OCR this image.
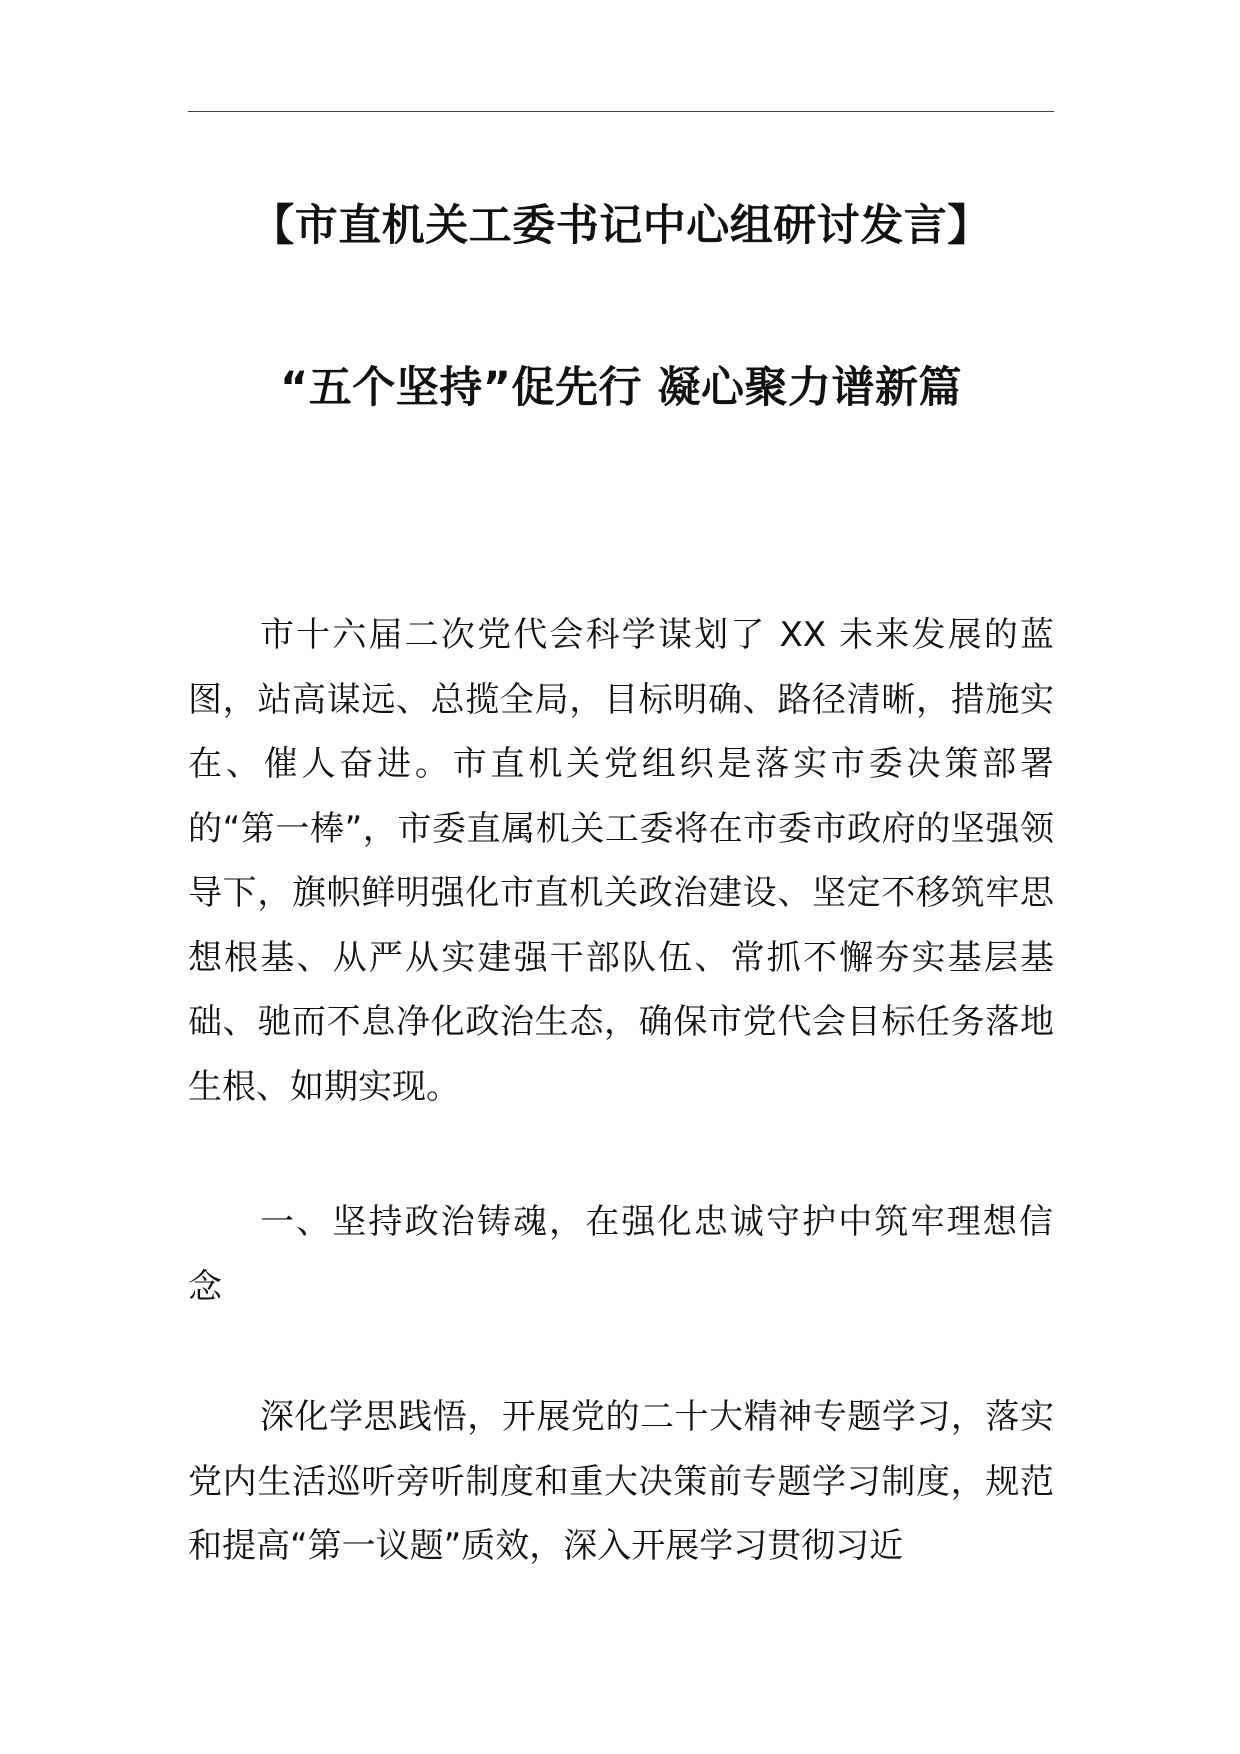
【市直机关工委书记中心组研讨发言】
“五个坚持”促先行 凝心聚力谱新篇

市十六届二次党代会科学谋划了 XX 未来发展的蓝图，站高谋远、总揽全局，目标明确、路径清晰，措施实在、催人奋进。市直机关党组织是落实市委决策部署的“第一棒”，市委直属机关工委将在市委市政府的坚强领导下，旗帜鲜明强化市直机关政治建设、坚定不移筑牢思想根基、从严从实建强干部队伍、常抓不懈夯实基层基础、驰而不息净化政治生态，确保市党代会目标任务落地生根、如期实现。

一、坚持政治铸魂，在强化忠诚守护中筑牢理想信念

深化学思践悟，开展党的二十大精神专题学习，落实党内生活巡听旁听制度和重大决策前专题学习制度，规范和提高“第一议题”质效，深入开展学习贯彻习近
